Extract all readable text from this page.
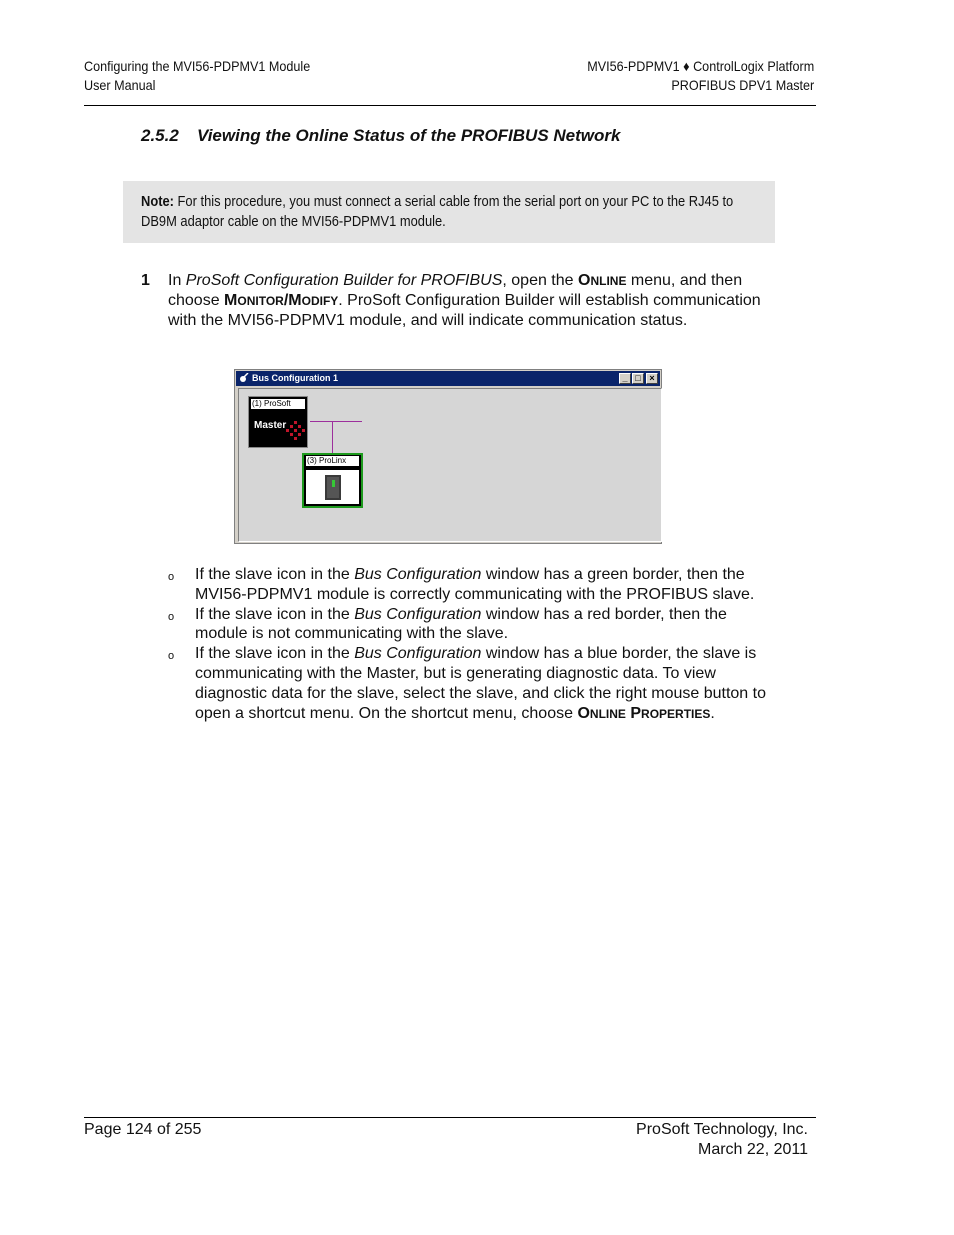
Configuring the MVI56-PDPMV1 Module
User Manual
MVI56-PDPMV1 ♦ ControlLogix Platform
PROFIBUS DPV1 Master
2.5.2 Viewing the Online Status of the PROFIBUS Network
Note: For this procedure, you must connect a serial cable from the serial port on your PC to the RJ45 to DB9M adaptor cable on the MVI56-PDPMV1 module.
1 In ProSoft Configuration Builder for PROFIBUS, open the ONLINE menu, and then choose MONITOR/MODIFY. ProSoft Configuration Builder will establish communication with the MVI56-PDPMV1 module, and will indicate communication status.
Bus Configuration 1	_ □ ×
(1) ProSoft
Master
(3) ProLinx
o If the slave icon in the Bus Configuration window has a green border, then the MVI56-PDPMV1 module is correctly communicating with the PROFIBUS slave.
o If the slave icon in the Bus Configuration window has a red border, then the module is not communicating with the slave.
o If the slave icon in the Bus Configuration window has a blue border, the slave is communicating with the Master, but is generating diagnostic data. To view diagnostic data for the slave, select the slave, and click the right mouse button to open a shortcut menu. On the shortcut menu, choose ONLINE PROPERTIES.
Page 124 of 255	ProSoft Technology, Inc.
March 22, 2011
